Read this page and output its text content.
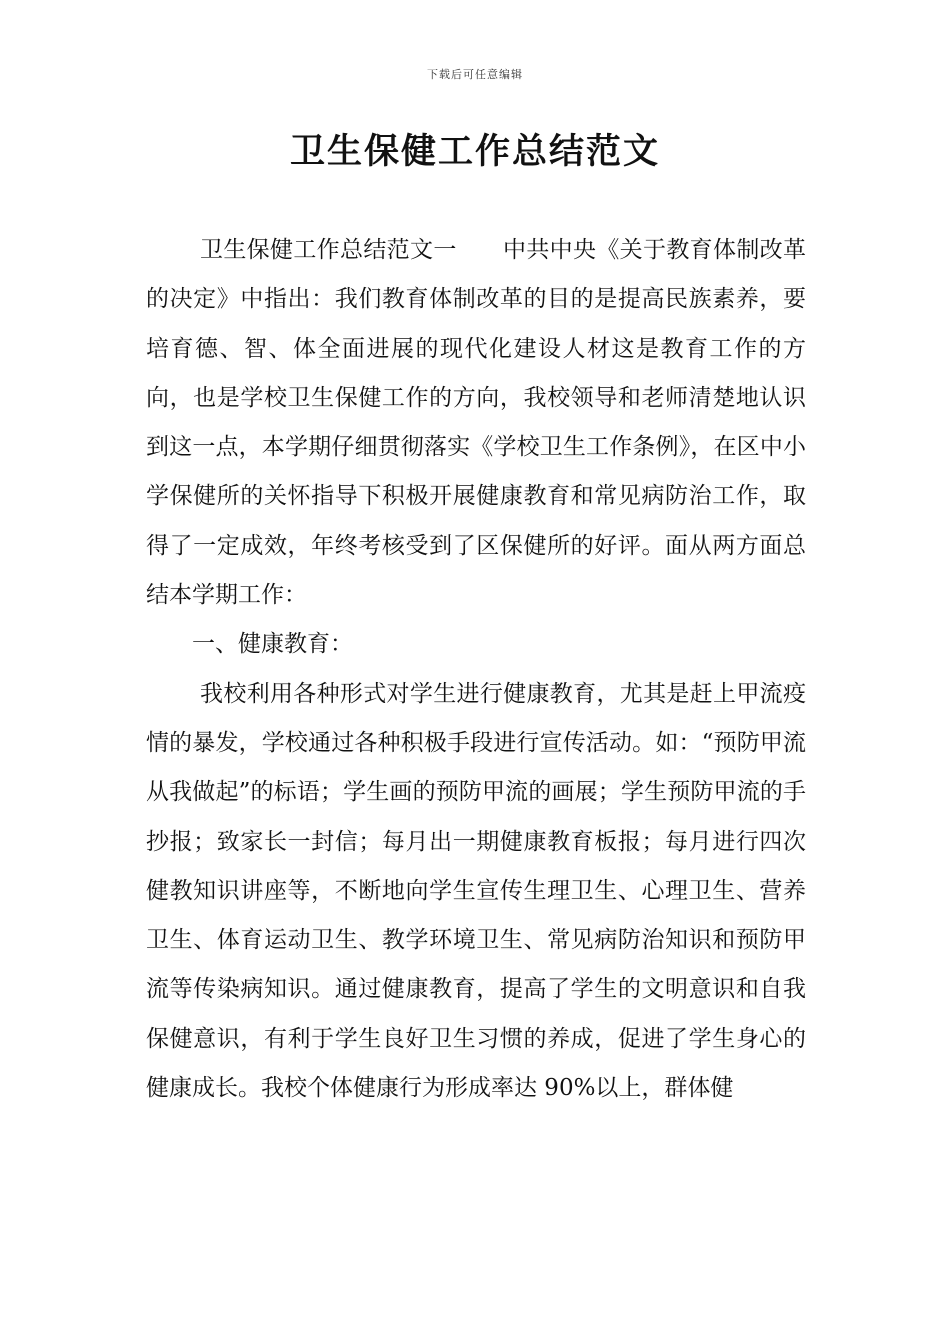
下载后可任意编辑
卫生保健工作总结范文

卫生保健工作总结范文一 中共中央《关于教育体制改革的决定》中指出：我们教育体制改革的目的是提高民族素养，要培育德、智、体全面进展的现代化建设人材这是教育工作的方向，也是学校卫生保健工作的方向，我校领导和老师清楚地认识到这一点，本学期仔细贯彻落实《学校卫生工作条例》，在区中小学保健所的关怀指导下积极开展健康教育和常见病防治工作，取得了一定成效，年终考核受到了区保健所的好评。面从两方面总结本学期工作：

一、健康教育：

我校利用各种形式对学生进行健康教育，尤其是赶上甲流疫情的暴发，学校通过各种积极手段进行宣传活动。如：“预防甲流从我做起”的标语；学生画的预防甲流的画展；学生预防甲流的手抄报；致家长一封信；每月出一期健康教育板报；每月进行四次健教知识讲座等，不断地向学生宣传生理卫生、心理卫生、营养卫生、体育运动卫生、教学环境卫生、常见病防治知识和预防甲流等传染病知识。通过健康教育，提高了学生的文明意识和自我保健意识，有利于学生良好卫生习惯的养成，促进了学生身心的健康成长。我校个体健康行为形成率达 90%以上，群体健
